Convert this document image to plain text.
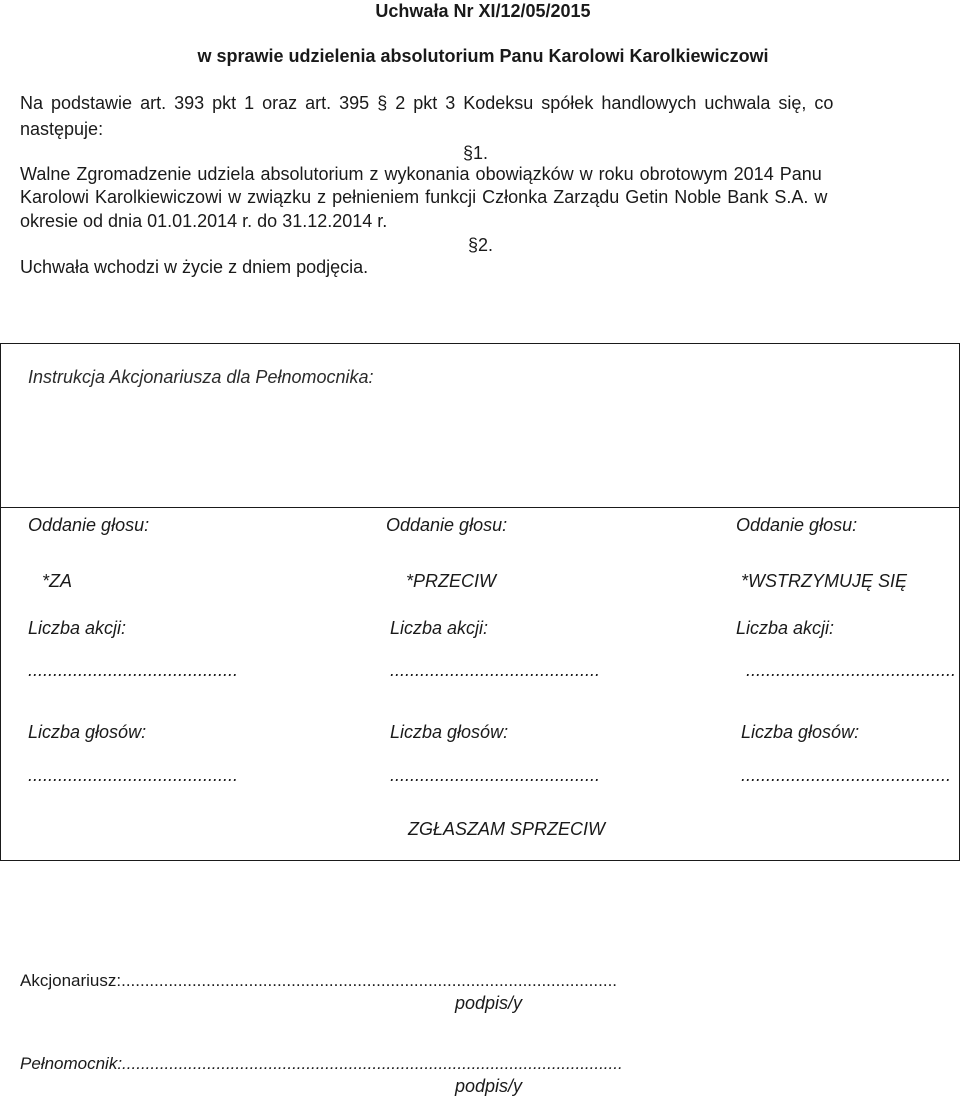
Uchwała Nr XI/12/05/2015
w sprawie udzielenia absolutorium Panu Karolowi Karolkiewiczowi
Na podstawie art. 393 pkt 1 oraz art. 395 § 2 pkt 3 Kodeksu spółek handlowych uchwala się, co
następuje:
§1.
Walne Zgromadzenie udziela absolutorium z wykonania obowiązków w roku obrotowym 2014 Panu
Karolowi Karolkiewiczowi w związku z pełnieniem funkcji Członka Zarządu Getin Noble Bank S.A. w
okresie od dnia 01.01.2014 r. do 31.12.2014 r.
§2.
Uchwała wchodzi w życie z dniem podjęcia.
Instrukcja Akcjonariusza dla Pełnomocnika:
Oddanie głosu:
*ZA
Liczba akcji:
..........................................
Liczba głosów:
..........................................
Oddanie głosu:
*PRZECIW
Liczba akcji:
..........................................
Liczba głosów:
..........................................
Oddanie głosu:
*WSTRZYMUJĘ SIĘ
Liczba akcji:
..........................................
Liczba głosów:
..........................................
ZGŁASZAM SPRZECIW
Akcjonariusz:.........................................................................................................
podpis/y
Pełnomocnik:..........................................................................................................
podpis/y
